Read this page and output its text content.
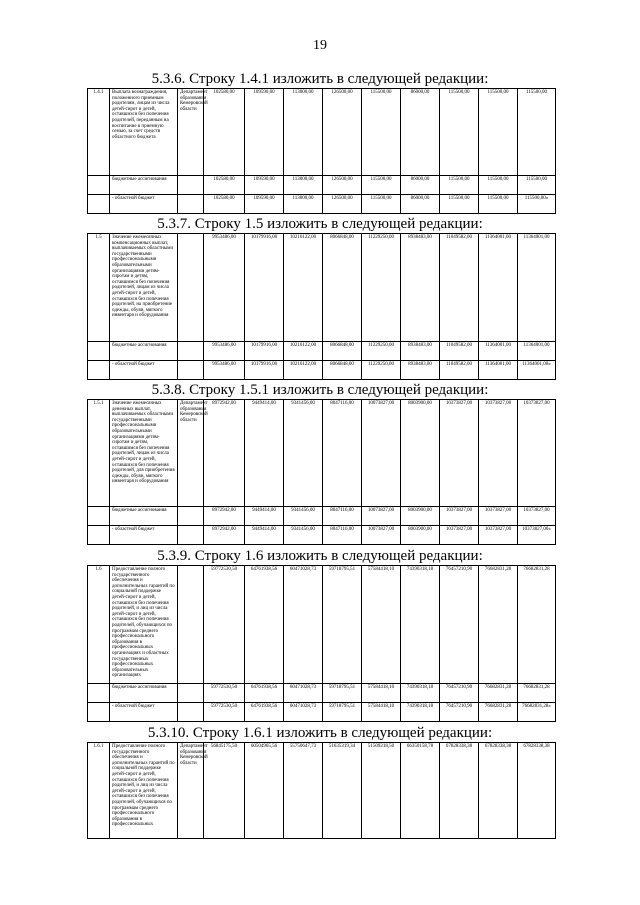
19
5.3.6. Строку 1.4.1 изложить в следующей редакции:
1.4.1	Выплата вознаграждения, положенного приемным родителям, лицам из числа детей-сирот и детей, оставшихся без попечения родителей, переданным на воспитание в приемную семью, за счет средств областного бюджета	Департамент образования Кемеровской области	102580,00	109590,00	113000,00	126500,00	115500,00	86000,00	115500,00	115500,00	115500,00
	бюджетные ассигнования		102580,00	109590,00	113000,00	126500,00	115500,00	86000,00	115500,00	115500,00	115500,00
	- областной бюджет		102580,00	109590,00	113000,00	126500,00	115500,00	86000,00	115500,00	115500,00	115500,00»
5.3.7. Строку 1.5 изложить в следующей редакции:
1.5	Значение ежемесячных компенсационных выплат, выплачиваемых областными государственными профессиональными образовательными организациями детям-сиротам и детям, оставшимся без попечения родителей, лицам из числа детей-сирот и детей, оставшихся без попечения родителей, на приобретение одежды, обуви, мягкого инвентаря и оборудования		9953486,00	10179916,00	10216122,00	8066848,00	11229250,00	8938483,00	11049582,00	11364001,00	11364001,00
	бюджетные ассигнования		9953486,00	10179916,00	10216122,00	8066848,00	11229250,00	8938483,00	11049582,00	11364001,00	11364001,00
	- областной бюджет		9953486,00	10179916,00	10216122,00	8066848,00	11229250,00	8938483,00	11049582,00	11364001,00	11364001,00»
5.3.8. Строку 1.5.1 изложить в следующей редакции:
1.5.1	Значение ежемесячных денежных выплат, выплачиваемых областными государственными профессиональными образовательными организациями детям-сиротам и детям, оставшимся без попечения родителей, лицам из числа детей-сирот и детей, оставшихся без попечения родителей, для приобретения одежды, обуви, мягкого инвентаря и оборудования	Департамент образования Кемеровской области	8972942,00	9449414,00	9341456,00	8047116,00	10073827,00	8003900,00	10373827,00	10373827,00	10373827,00
	бюджетные ассигнования		8972942,00	9449414,00	9341456,00	8047116,00	10073827,00	8003900,00	10373827,00	10373827,00	10373827,00
	- областной бюджет		8972942,00	9449414,00	9341456,00	8047116,00	10073827,00	8003900,00	10373827,00	10373827,00	10373827,00»
5.3.9. Строку 1.6 изложить в следующей редакции:
1.6	Предоставление полного государственного обеспечения и дополнительных гарантий по социальной поддержке детей-сирот и детей, оставшихся без попечения родителей, и лиц из числа детей-сирот и детей, оставшихся без попечения родителей, обучающихся по программам среднего профессионального образования в профессиональных организациях и областных государственных профессиональных образовательных организациях		59772530,50	64761938,56	60471028,73	59718795,51	57584418,10	74390318,18	76457210,90	76682831,28	76682831,28
	бюджетные ассигнования		59772530,50	64761938,56	60471028,73	59718795,51	57584418,10	74390318,18	76457210,90	76682831,28	76682831,28
	- областной бюджет		59772530,50	64761938,56	60471028,73	59718795,51	57584418,10	74390318,18	76457210,90	76682831,28	76682831,28»
5.3.10. Строку 1.6.1 изложить в следующей редакции:
1.6.1	Предоставление полного государственного обеспечения и дополнительных гарантий по социальной поддержке детей-сирот и детей, оставшихся без попечения родителей, и лиц из числа детей-сирот и детей, оставшихся без попечения родителей, обучающихся по программам среднего профессионального образования в профессиональных	Департамент образования Кемеровской области	56845175,50	60504965,56	55750647,73	51635319,34	51509218,50	66350158,78	67828338,38	67828338,38	67828338,38
